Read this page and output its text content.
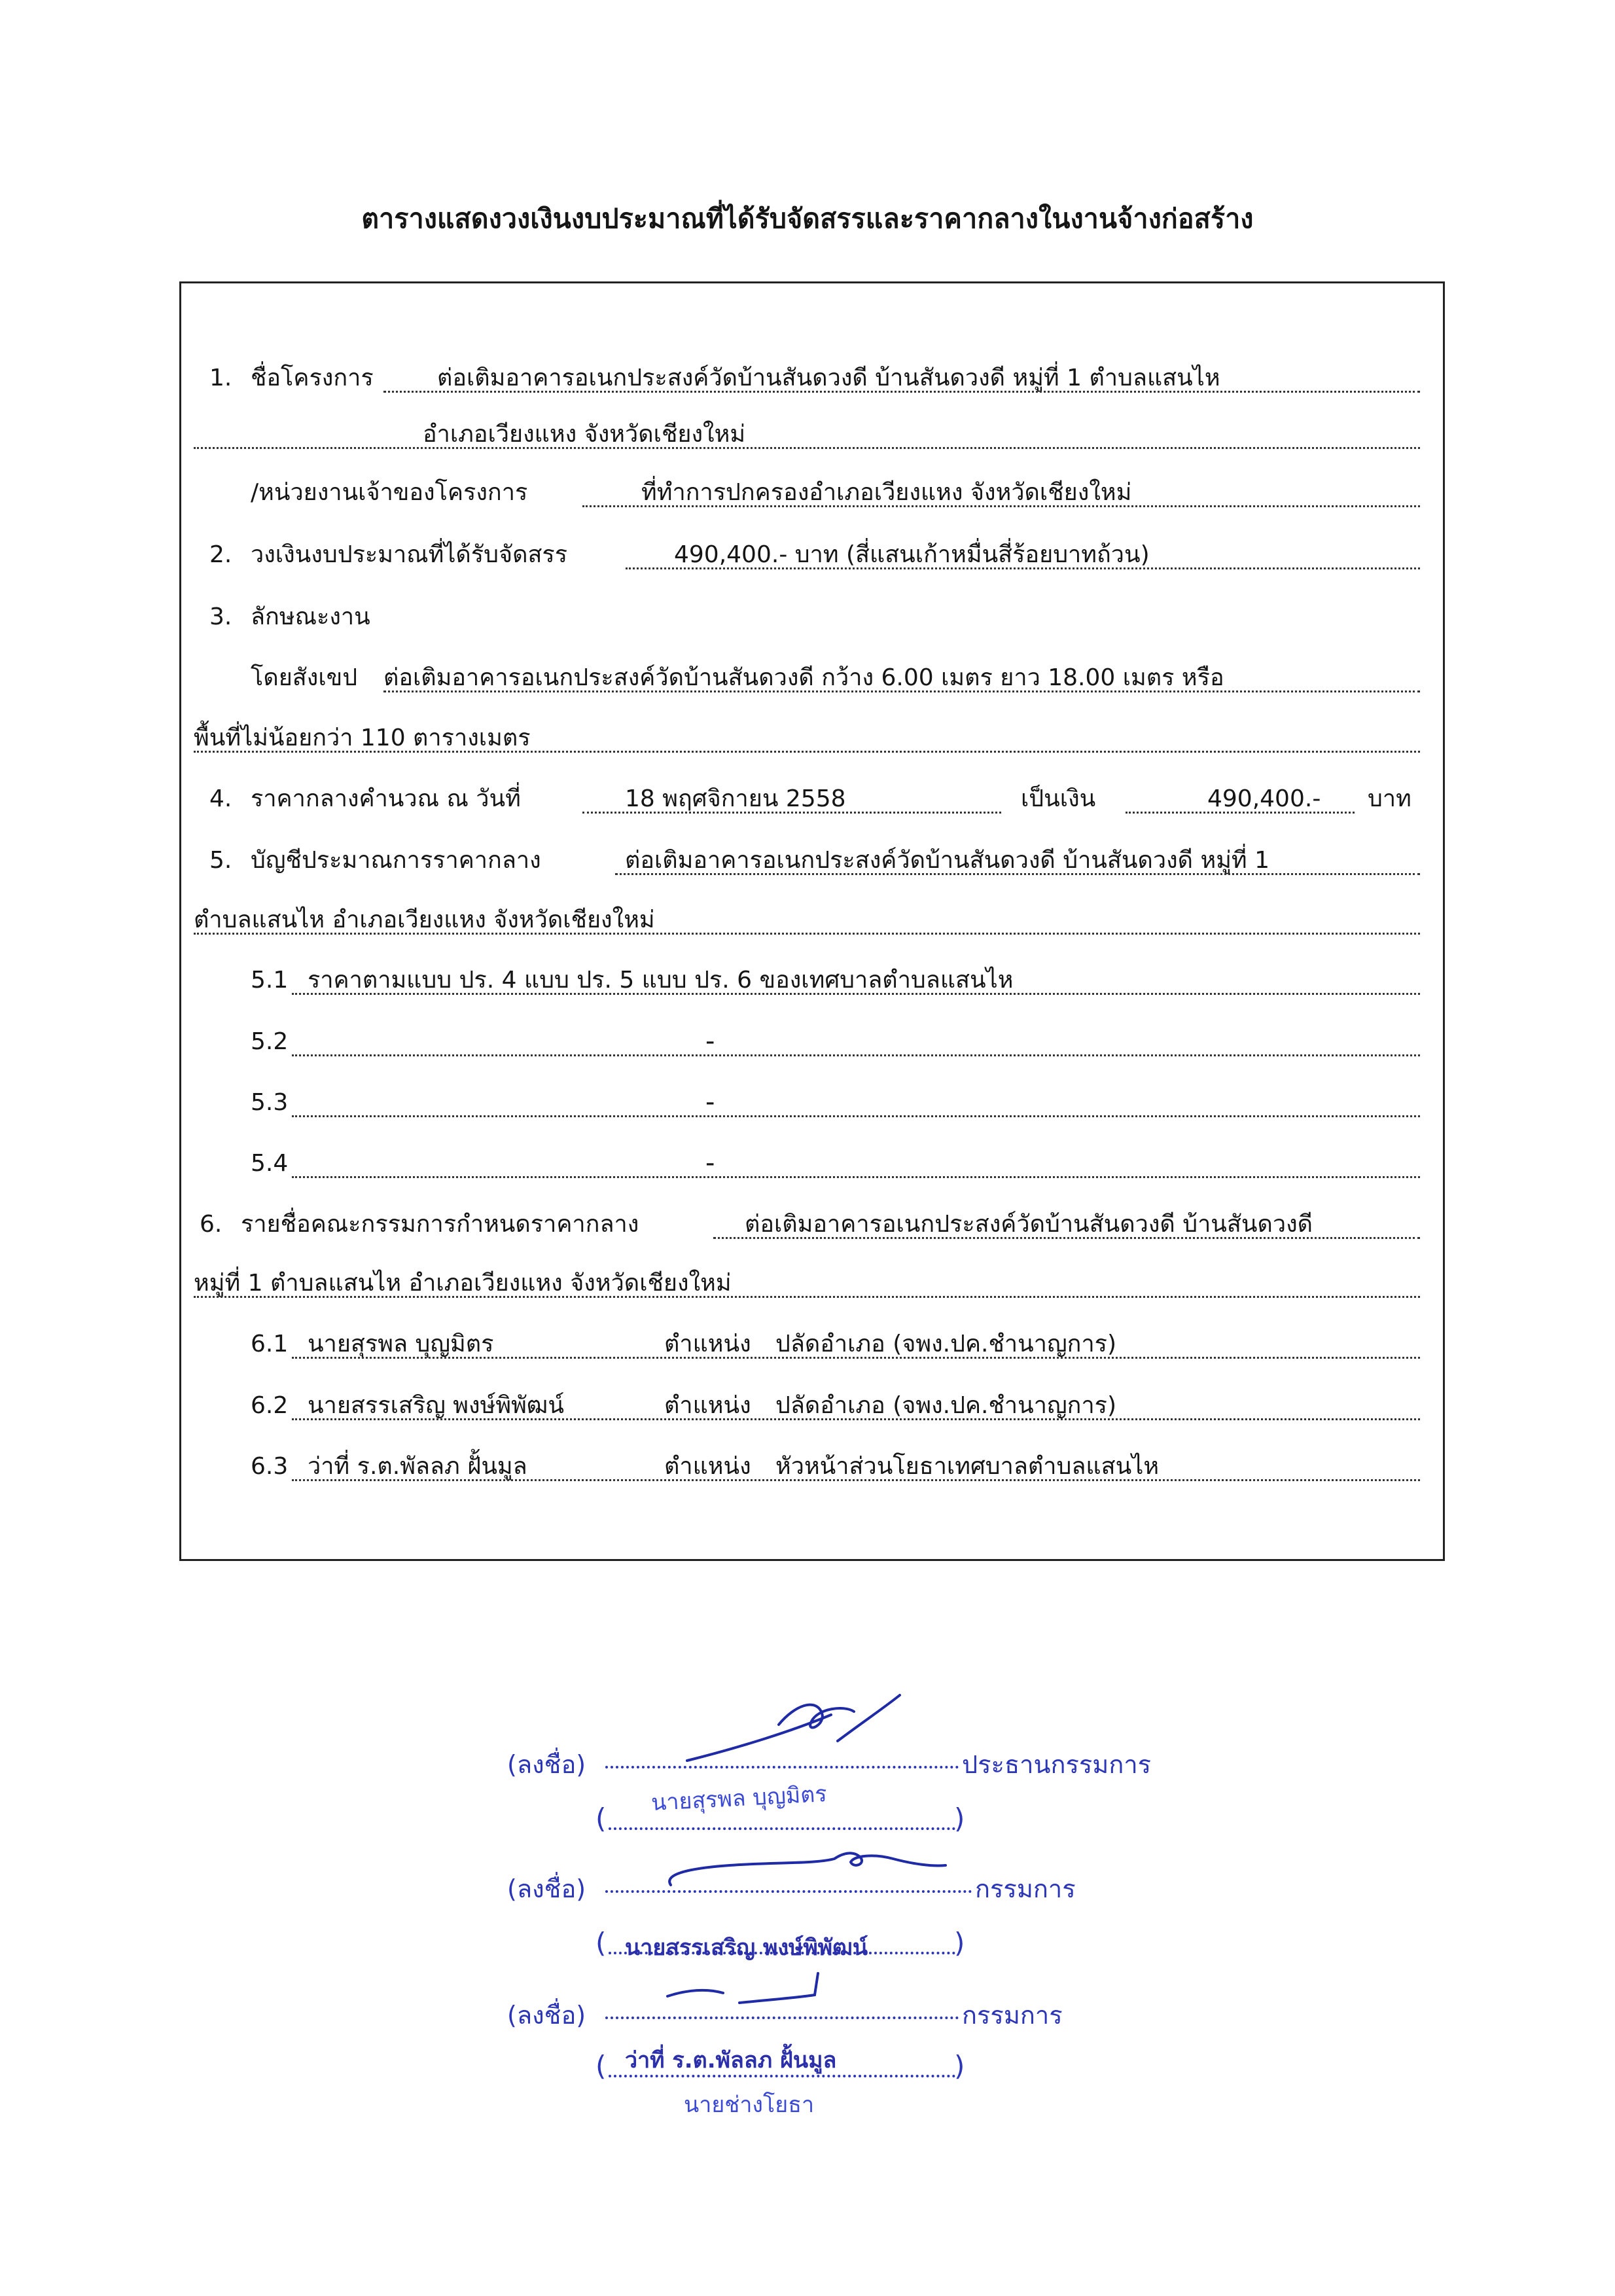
ตารางแสดงวงเงินงบประมาณที่ได้รับจัดสรรและราคากลางในงานจ้างก่อสร้าง
1. ชื่อโครงการ	ต่อเติมอาคารอเนกประสงค์วัดบ้านสันดวงดี บ้านสันดวงดี หมู่ที่ 1 ตำบลแสนไห
อำเภอเวียงแหง จังหวัดเชียงใหม่
/หน่วยงานเจ้าของโครงการ	ที่ทำการปกครองอำเภอเวียงแหง จังหวัดเชียงใหม่
2. วงเงินงบประมาณที่ได้รับจัดสรร	490,400.- บาท (สี่แสนเก้าหมื่นสี่ร้อยบาทถ้วน)
3. ลักษณะงาน
โดยสังเขป ต่อเติมอาคารอเนกประสงค์วัดบ้านสันดวงดี กว้าง 6.00 เมตร ยาว 18.00 เมตร หรือ
พื้นที่ไม่น้อยกว่า 110 ตารางเมตร
4. ราคากลางคำนวณ ณ วันที่	18 พฤศจิกายน 2558	เป็นเงิน	490,400.- บาท
5. บัญชีประมาณการราคากลาง	ต่อเติมอาคารอเนกประสงค์วัดบ้านสันดวงดี บ้านสันดวงดี หมู่ที่ 1
ตำบลแสนไห อำเภอเวียงแหง จังหวัดเชียงใหม่
5.1 ราคาตามแบบ ปร. 4 แบบ ปร. 5 แบบ ปร. 6 ของเทศบาลตำบลแสนไห
5.2	-
5.3	-
5.4	-
6. รายชื่อคณะกรรมการกำหนดราคากลาง	ต่อเติมอาคารอเนกประสงค์วัดบ้านสันดวงดี บ้านสันดวงดี
หมู่ที่ 1 ตำบลแสนไห อำเภอเวียงแหง จังหวัดเชียงใหม่
6.1 นายสุรพล บุญมิตร	ตำแหน่ง ปลัดอำเภอ (จพง.ปค.ชำนาญการ)
6.2 นายสรรเสริญ พงษ์พิพัฒน์	ตำแหน่ง ปลัดอำเภอ (จพง.ปค.ชำนาญการ)
6.3 ว่าที่ ร.ต.พัลลภ ฝั้นมูล	ตำแหน่ง หัวหน้าส่วนโยธาเทศบาลตำบลแสนไห
(ลงชื่อ)	ประธานกรรมการ
(	)
นายสุรพล บุญมิตร
(ลงชื่อ)	กรรมการ
(	)
นายสรรเสริญ พงษ์พิพัฒน์
(ลงชื่อ)	กรรมการ
(	)
ว่าที่ ร.ต.พัลลภ ฝั้นมูล
นายช่างโยธา
